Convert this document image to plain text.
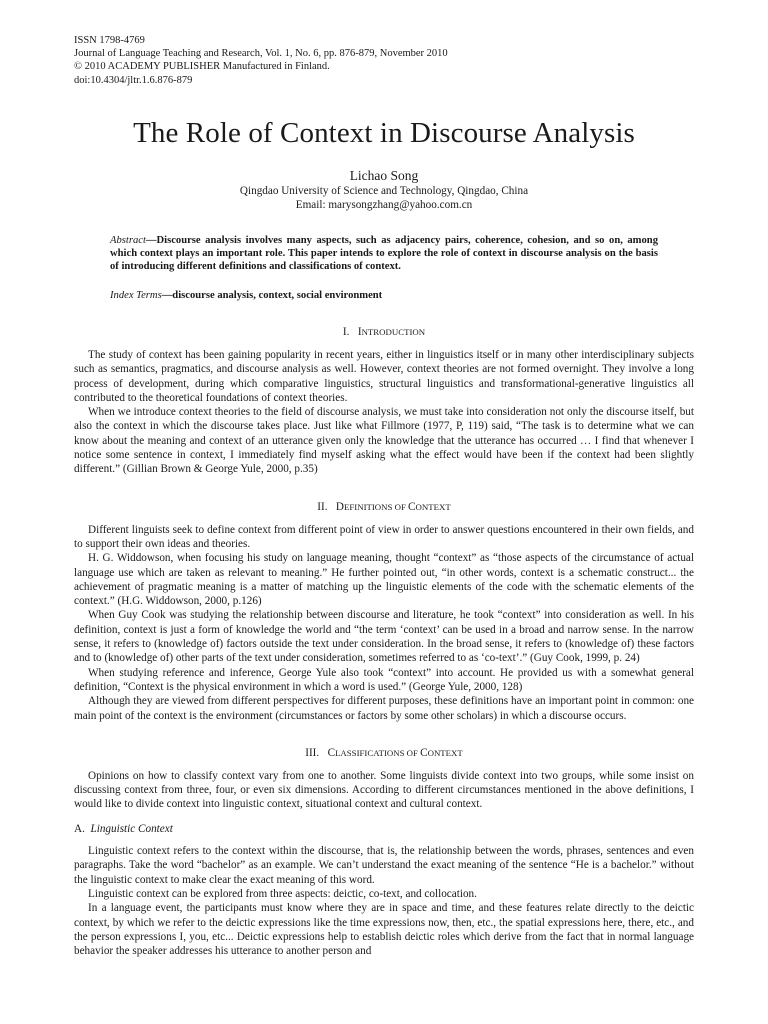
ISSN 1798-4769
Journal of Language Teaching and Research, Vol. 1, No. 6, pp. 876-879, November 2010
© 2010 ACADEMY PUBLISHER Manufactured in Finland.
doi:10.4304/jltr.1.6.876-879
The Role of Context in Discourse Analysis
Lichao Song
Qingdao University of Science and Technology, Qingdao, China
Email: marysongzhang@yahoo.com.cn
Abstract—Discourse analysis involves many aspects, such as adjacency pairs, coherence, cohesion, and so on, among which context plays an important role. This paper intends to explore the role of context in discourse analysis on the basis of introducing different definitions and classifications of context.
Index Terms—discourse analysis, context, social environment
I. INTRODUCTION

The study of context has been gaining popularity in recent years, either in linguistics itself or in many other interdisciplinary subjects such as semantics, pragmatics, and discourse analysis as well. However, context theories are not formed overnight. They involve a long process of development, during which comparative linguistics, structural linguistics and transformational-generative linguistics all contributed to the theoretical foundations of context theories.

When we introduce context theories to the field of discourse analysis, we must take into consideration not only the discourse itself, but also the context in which the discourse takes place. Just like what Fillmore (1977, P, 119) said, “The task is to determine what we can know about the meaning and context of an utterance given only the knowledge that the utterance has occurred … I find that whenever I notice some sentence in context, I immediately find myself asking what the effect would have been if the context had been slightly different.” (Gillian Brown & George Yule, 2000, p.35)

II. DEFINITIONS OF CONTEXT

Different linguists seek to define context from different point of view in order to answer questions encountered in their own fields, and to support their own ideas and theories.

H. G. Widdowson, when focusing his study on language meaning, thought “context” as “those aspects of the circumstance of actual language use which are taken as relevant to meaning.” He further pointed out, “in other words, context is a schematic construct... the achievement of pragmatic meaning is a matter of matching up the linguistic elements of the code with the schematic elements of the context.” (H.G. Widdowson, 2000, p.126)

When Guy Cook was studying the relationship between discourse and literature, he took “context” into consideration as well. In his definition, context is just a form of knowledge the world and “the term ‘context’ can be used in a broad and narrow sense. In the narrow sense, it refers to (knowledge of) factors outside the text under consideration. In the broad sense, it refers to (knowledge of) these factors and to (knowledge of) other parts of the text under consideration, sometimes referred to as ‘co-text’.” (Guy Cook, 1999, p. 24)

When studying reference and inference, George Yule also took “context” into account. He provided us with a somewhat general definition, “Context is the physical environment in which a word is used.” (George Yule, 2000, 128)

Although they are viewed from different perspectives for different purposes, these definitions have an important point in common: one main point of the context is the environment (circumstances or factors by some other scholars) in which a discourse occurs.

III. CLASSIFICATIONS OF CONTEXT

Opinions on how to classify context vary from one to another. Some linguists divide context into two groups, while some insist on discussing context from three, four, or even six dimensions. According to different circumstances mentioned in the above definitions, I would like to divide context into linguistic context, situational context and cultural context.

A. Linguistic Context

Linguistic context refers to the context within the discourse, that is, the relationship between the words, phrases, sentences and even paragraphs. Take the word “bachelor” as an example. We can’t understand the exact meaning of the sentence “He is a bachelor.” without the linguistic context to make clear the exact meaning of this word.

Linguistic context can be explored from three aspects: deictic, co-text, and collocation.

In a language event, the participants must know where they are in space and time, and these features relate directly to the deictic context, by which we refer to the deictic expressions like the time expressions now, then, etc., the spatial expressions here, there, etc., and the person expressions I, you, etc... Deictic expressions help to establish deictic roles which derive from the fact that in normal language behavior the speaker addresses his utterance to another person and
